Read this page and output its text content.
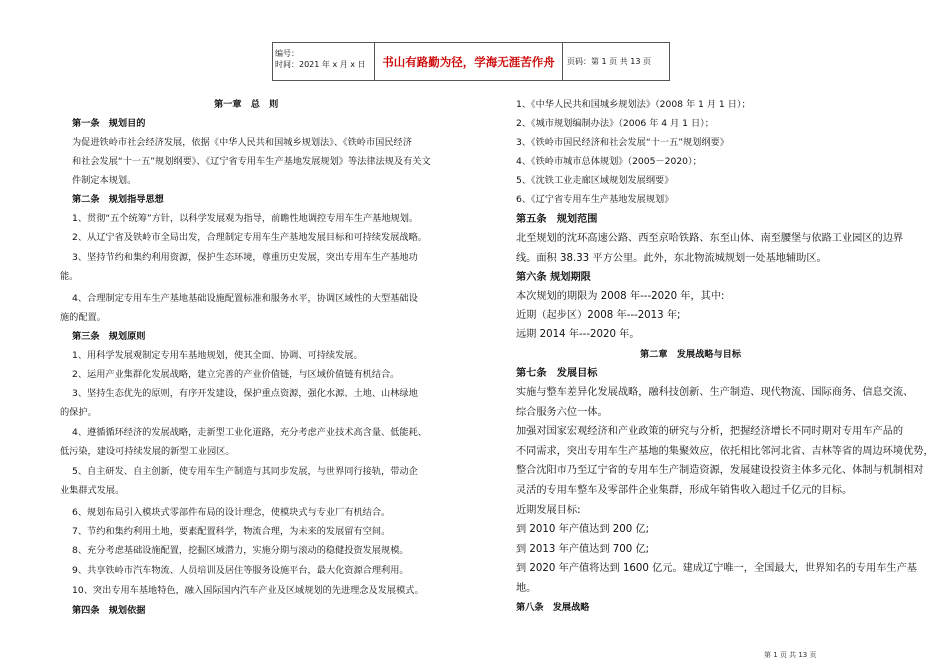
编号：
时间：2021 年 x 月 x 日	书山有路勤为径，学海无涯苦作舟	页码：第 1 页 共 13 页
第一章　总　则
第一条　规划目的
为促进铁岭市社会经济发展，依据《中华人民共和国城乡规划法》、《铁岭市国民经济
和社会发展“十一五”规划纲要》、《辽宁省专用车生产基地发展规划》等法律法规及有关文
件制定本规划。
第二条　规划指导思想
1、贯彻“五个统筹”方针，以科学发展观为指导，前瞻性地调控专用车生产基地规划。
2、从辽宁省及铁岭市全局出发，合理制定专用车生产基地发展目标和可持续发展战略。
3、坚持节约和集约利用资源，保护生态环境，尊重历史发展，突出专用车生产基地功
能。
4、合理制定专用车生产基地基础设施配置标准和服务水平，协调区域性的大型基础设
施的配置。
第三条　规划原则
1、用科学发展观制定专用车基地规划，使其全面、协调、可持续发展。
2、运用产业集群化发展战略，建立完善的产业价值链，与区域价值链有机结合。
3、坚持生态优先的原则，有序开发建设，保护重点资源，强化水源、土地、山林绿地
的保护。
4、遵循循环经济的发展战略，走新型工业化道路，充分考虑产业技术高含量、低能耗、
低污染，建设可持续发展的新型工业园区。
5、自主研发、自主创新，使专用车生产制造与其同步发展，与世界同行接轨，带动企
业集群式发展。
6、规划布局引入模块式零部件布局的设计理念，使模块式与专业厂有机结合。
7、节约和集约利用土地，要素配置科学，物流合理，为未来的发展留有空间。
8、充分考虑基础设施配置，挖掘区域潜力，实施分期与滚动的稳健投资发展规模。
9、共享铁岭市汽车物流、人员培训及居住等服务设施平台，最大化资源合理利用。
10、突出专用车基地特色，融入国际国内汽车产业及区域规划的先进理念及发展模式。
第四条　规划依据
1、《中华人民共和国城乡规划法》（2008 年 1 月 1 日）；
2、《城市规划编制办法》（2006 年 4 月 1 日）；
3、《铁岭市国民经济和社会发展“十一五”规划纲要》
4、《铁岭市城市总体规划》（2005－2020）；
5、《沈铁工业走廊区域规划发展纲要》
6、《辽宁省专用车生产基地发展规划》
第五条　规划范围
北至规划的沈环高速公路、西至京哈铁路、东至山体、南至腰堡与依路工业园区的边界
线。面积 38.33 平方公里。此外，东北物流城规划一处基地辅助区。
第六条 规划期限
本次规划的期限为 2008 年---2020 年，其中:
近期（起步区）2008 年---2013 年;
远期 2014 年---2020 年。
第二章　发展战略与目标
第七条　发展目标
实施与整车差异化发展战略，融科技创新、生产制造、现代物流、国际商务、信息交流、
综合服务六位一体。
加强对国家宏观经济和产业政策的研究与分析，把握经济增长不同时期对专用车产品的
不同需求，突出专用车生产基地的集聚效应，依托相比邻河北省、吉林等省的周边环境优势，
整合沈阳市乃至辽宁省的专用车生产制造资源，发展建设投资主体多元化、体制与机制相对
灵活的专用车整车及零部件企业集群，形成年销售收入超过千亿元的目标。
近期发展目标:
到 2010 年产值达到 200 亿;
到 2013 年产值达到 700 亿;
到 2020 年产值将达到 1600 亿元。建成辽宁唯一，全国最大，世界知名的专用车生产基
地。
第八条　发展战略
第 1 页 共 13 页
